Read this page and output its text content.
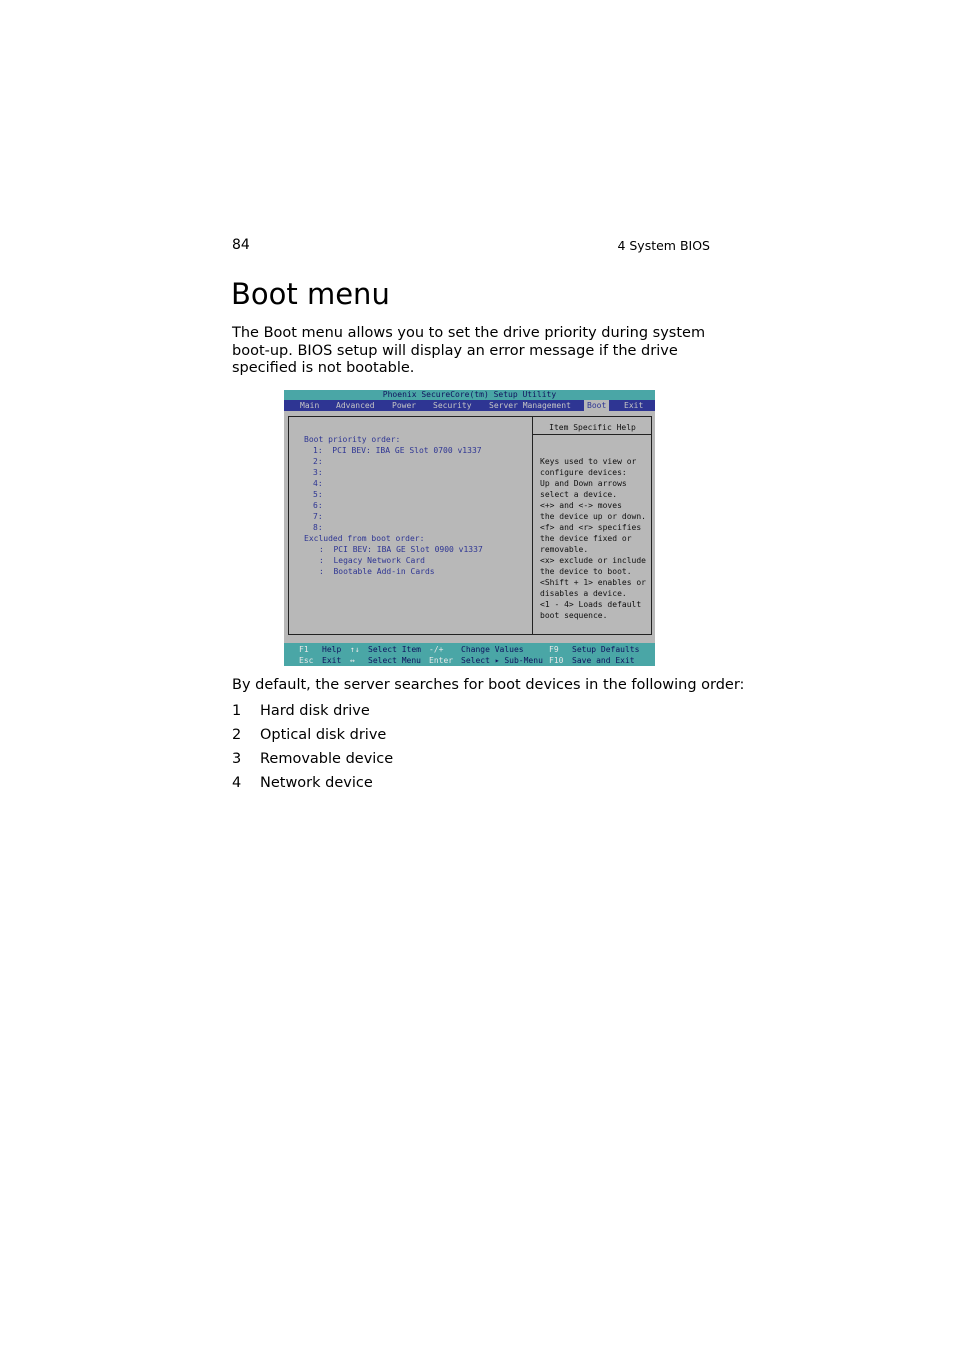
84	4 System BIOS
Boot menu

The Boot menu allows you to set the drive priority during system boot-up. BIOS setup will display an error message if the drive specified is not bootable.

Phoenix SecureCore(tm) Setup Utility
Main Advanced Power Security Server Management	Boot	Exit
Item Specific Help
Boot priority order:
1:  PCI BEV: IBA GE Slot 0700 v1337
2:
3:
4:
5:
6:
7:
8:
Excluded from boot order:
:  PCI BEV: IBA GE Slot 0900 v1337
:  Legacy Network Card
:  Bootable Add-in Cards
Keys used to view or
configure devices:
Up and Down arrows
select a device.
<+> and <-> moves
the device up or down.
<f> and <r> specifies
the device fixed or
removable.
<x> exclude or include
the device to boot.
<Shift + 1> enables or
disables a device.
<1 - 4> Loads default
boot sequence.
F1 Help ↑↓ Select Item -/+ Change Values	F9 Setup Defaults
Esc Exit ↔ Select Menu Enter Select ▸ Sub-Menu F10 Save and Exit

By default, the server searches for boot devices in the following order:

1 Hard disk drive
2 Optical disk drive
3 Removable device
4 Network device
